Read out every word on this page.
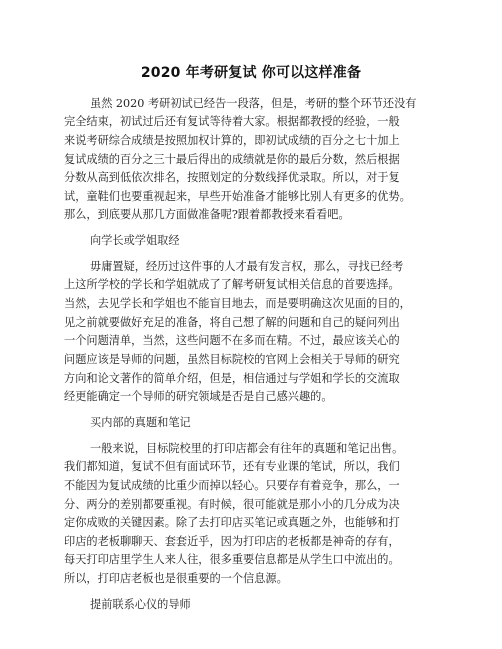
2020 年考研复试 你可以这样准备
虽然 2020 考研初试已经告一段落，但是，考研的整个环节还没有
完全结束，初试过后还有复试等待着大家。根据都教授的经验，一般
来说考研综合成绩是按照加权计算的，即初试成绩的百分之七十加上
复试成绩的百分之三十最后得出的成绩就是你的最后分数，然后根据
分数从高到低依次排名，按照划定的分数线择优录取。所以，对于复
试，童鞋们也要重视起来，早些开始准备才能够比别人有更多的优势。
那么，到底要从那几方面做准备呢?跟着都教授来看看吧。
向学长或学姐取经
毋庸置疑，经历过这件事的人才最有发言权，那么，寻找已经考
上这所学校的学长和学姐就成了了解考研复试相关信息的首要选择。
当然，去见学长和学姐也不能盲目地去，而是要明确这次见面的目的，
见之前就要做好充足的准备，将自己想了解的问题和自己的疑问列出
一个问题清单，当然，这些问题不在多而在精。不过，最应该关心的
问题应该是导师的问题，虽然目标院校的官网上会相关于导师的研究
方向和论文著作的简单介绍，但是，相信通过与学姐和学长的交流取
经更能确定一个导师的研究领域是否是自己感兴趣的。
买内部的真题和笔记
一般来说，目标院校里的打印店都会有往年的真题和笔记出售。
我们都知道，复试不但有面试环节，还有专业课的笔试，所以，我们
不能因为复试成绩的比重少而掉以轻心。只要存有着竞争，那么，一
分、两分的差别都要重视。有时候，很可能就是那小小的几分成为决
定你成败的关键因素。除了去打印店买笔记或真题之外，也能够和打
印店的老板聊聊天、套套近乎，因为打印店的老板都是神奇的存有，
每天打印店里学生人来人往，很多重要信息都是从学生口中流出的。
所以，打印店老板也是很重要的一个信息源。
提前联系心仪的导师
